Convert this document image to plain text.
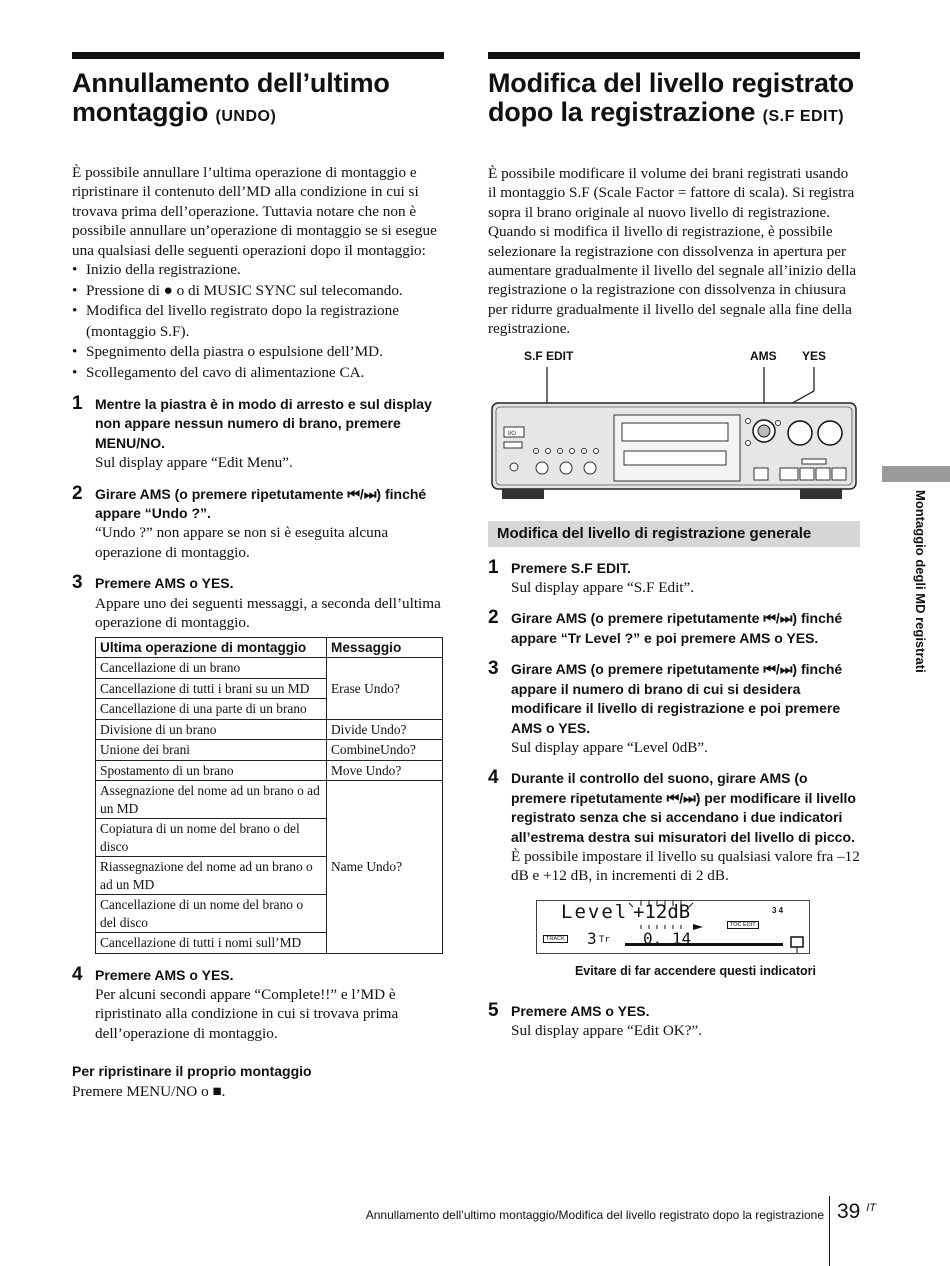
Annullamento dell’ultimo montaggio (UNDO)

È possibile annullare l’ultima operazione di montaggio e ripristinare il contenuto dell’MD alla condizione in cui si trovava prima dell’operazione. Tuttavia notare che non è possibile annullare un’operazione di montaggio se si esegue una qualsiasi delle seguenti operazioni dopo il montaggio:

• Inizio della registrazione.
• Pressione di ● o di MUSIC SYNC sul telecomando.
• Modifica del livello registrato dopo la registrazione (montaggio S.F).
• Spegnimento della piastra o espulsione dell’MD.
• Scollegamento del cavo di alimentazione CA.
1 Mentre la piastra è in modo di arresto e sul display non appare nessun numero di brano, premere MENU/NO.
Sul display appare “Edit Menu”.
2 Girare AMS (o premere ripetutamente ⏮/⏭) finché appare “Undo ?”.
“Undo ?” non appare se non si è eseguita alcuna operazione di montaggio.
3 Premere AMS o YES.
Appare uno dei seguenti messaggi, a seconda dell’ultima operazione di montaggio.
Ultima operazione di montaggio	Messaggio
Cancellazione di un brano	Erase Undo?
Cancellazione di tutti i brani su un MD	
Cancellazione di una parte di un brano	
Divisione di un brano	Divide Undo?
Unione dei brani	CombineUndo?
Spostamento di un brano	Move Undo?
Assegnazione del nome ad un brano o ad un MD	Name Undo?
Copiatura di un nome del brano o del disco	
Riassegnazione del nome ad un brano o ad un MD	
Cancellazione di un nome del brano o del disco	
Cancellazione di tutti i nomi sull’MD	
4 Premere AMS o YES.
Per alcuni secondi appare “Complete!!” e l’MD è ripristinato alla condizione in cui si trovava prima dell’operazione di montaggio.
Per ripristinare il proprio montaggio

Premere MENU/NO o ■.

Modifica del livello registrato dopo la registrazione (S.F EDIT)

È possibile modificare il volume dei brani registrati usando il montaggio S.F (Scale Factor = fattore di scala). Si registra sopra il brano originale al nuovo livello di registrazione. Quando si modifica il livello di registrazione, è possibile selezionare la registrazione con dissolvenza in apertura per aumentare gradualmente il livello del segnale all’inizio della registrazione o la registrazione con dissolvenza in chiusura per ridurre gradualmente il livello del segnale alla fine della registrazione.

S.F EDIT	AMS YES
I/⏻
Modifica del livello di registrazione generale
1 Premere S.F EDIT.
Sul display appare “S.F Edit”.
2 Girare AMS (o premere ripetutamente ⏮/⏭) finché appare “Tr Level ?” e poi premere AMS o YES.
3 Girare AMS (o premere ripetutamente ⏮/⏭) finché appare il numero di brano di cui si desidera modificare il livello di registrazione e poi premere AMS o YES.
Sul display appare “Level 0dB”.
4 Durante il controllo del suono, girare AMS (o premere ripetutamente ⏮/⏭) per modificare il livello registrato senza che si accendano i due indicatori all’estrema destra sui misuratori del livello di picco.
È possibile impostare il livello su qualsiasi valore fra –12 dB e +12 dB, in incrementi di 2 dB.
Level +12dB	3 4
TOC EDIT
TRACK 3 Tr 0. 14
Evitare di far accendere questi indicatori
5 Premere AMS o YES.
Sul display appare “Edit OK?”.
Montaggio degli MD registrati
Annullamento dell’ultimo montaggio/Modifica del livello registrato dopo la registrazione 39 $^{IT}$
